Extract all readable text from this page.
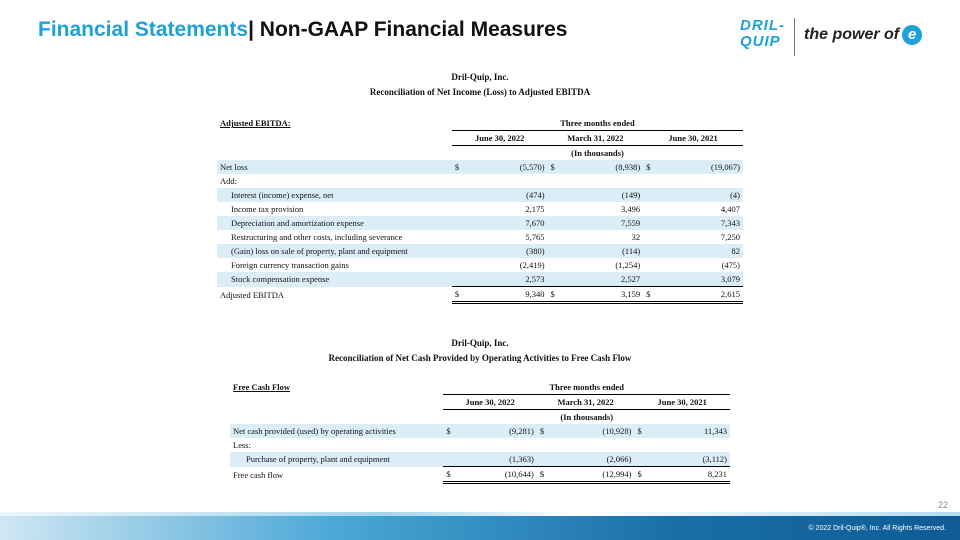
Financial Statements| Non-GAAP Financial Measures	DRIL-QUIP	the power of e
Dril-Quip, Inc.
Reconciliation of Net Income (Loss) to Adjusted EBITDA
Adjusted EBITDA:	Three months ended					
	June 30, 2022		March 31, 2022		June 30, 2021	
	(In thousands)					
Net loss	$	(5,570)	$	(8,938)	$	(19,067)
Add:						
Interest (income) expense, net		(474)		(149)		(4)
Income tax provision		2,175		3,496		4,407
Depreciation and amortization expense		7,670		7,559		7,343
Restructuring and other costs, including severance		5,765		32		7,250
(Gain) loss on sale of property, plant and equipment		(380)		(114)		82
Foreign currency transaction gains		(2,419)		(1,254)		(475)
Stock compensation expense		2,573		2,527		3,079
Adjusted EBITDA	$	9,340	$	3,159	$	2,615
Dril-Quip, Inc.
Reconciliation of Net Cash Provided by Operating Activities to Free Cash Flow
Free Cash Flow	Three months ended					
	June 30, 2022		March 31, 2022		June 30, 2021	
	(In thousands)					
Net cash provided (used) by operating activities	$	(9,281)	$	(10,928)	$	11,343
Less:						
Purchase of property, plant and equipment		(1,363)		(2,066)		(3,112)
Free cash flow	$	(10,644)	$	(12,994)	$	8,231
22
© 2022 Dril-Quip®, Inc. All Rights Reserved.
